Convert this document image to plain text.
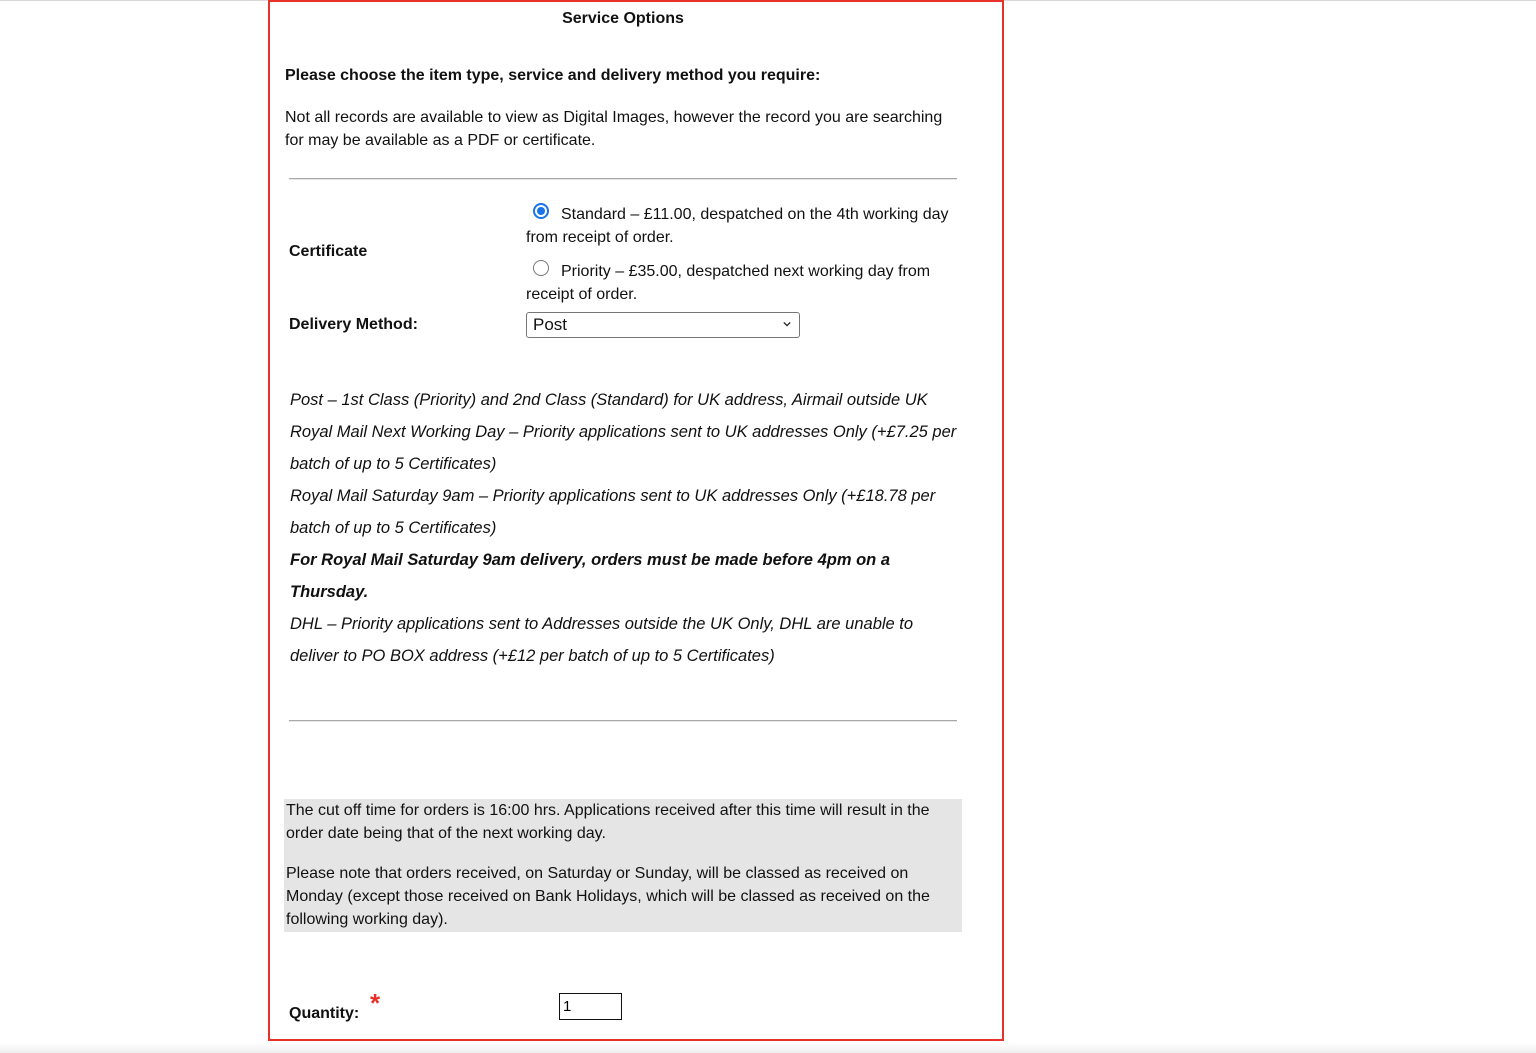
Service Options
Please choose the item type, service and delivery method you require:
Not all records are available to view as Digital Images, however the record you are searching for may be available as a PDF or certificate.
Certificate
Standard – £11.00, despatched on the 4th working day from receipt of order.
Priority – £35.00, despatched next working day from receipt of order.
Delivery Method:	Post

Post – 1st Class (Priority) and 2nd Class (Standard) for UK address, Airmail outside UK

Royal Mail Next Working Day – Priority applications sent to UK addresses Only (+£7.25 per batch of up to 5 Certificates)

Royal Mail Saturday 9am – Priority applications sent to UK addresses Only (+£18.78 per batch of up to 5 Certificates)

For Royal Mail Saturday 9am delivery, orders must be made before 4pm on a Thursday.

DHL – Priority applications sent to Addresses outside the UK Only, DHL are unable to deliver to PO BOX address (+£12 per batch of up to 5 Certificates)

The cut off time for orders is 16:00 hrs. Applications received after this time will result in the order date being that of the next working day.

Please note that orders received, on Saturday or Sunday, will be classed as received on Monday (except those received on Bank Holidays, which will be classed as received on the following working day).

Quantity: *
1
